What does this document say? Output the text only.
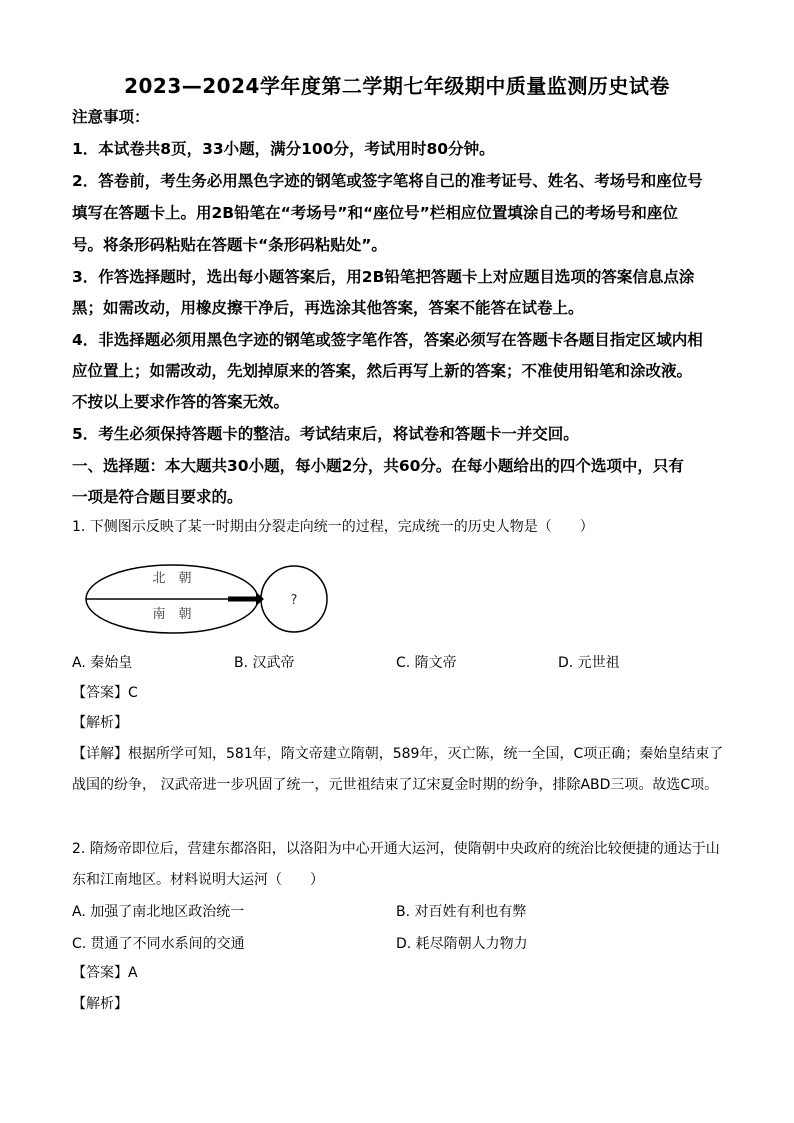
2023—2024学年度第二学期七年级期中质量监测历史试卷
注意事项：
1．本试卷共8页，33小题，满分100分，考试用时80分钟。
2．答卷前，考生务必用黑色字迹的钢笔或签字笔将自己的准考证号、姓名、考场号和座位号
填写在答题卡上。用2B铅笔在“考场号”和“座位号”栏相应位置填涂自己的考场号和座位
号。将条形码粘贴在答题卡“条形码粘贴处”。
3．作答选择题时，选出每小题答案后，用2B铅笔把答题卡上对应题目选项的答案信息点涂
黑；如需改动，用橡皮擦干净后，再选涂其他答案，答案不能答在试卷上。
4．非选择题必须用黑色字迹的钢笔或签字笔作答，答案必须写在答题卡各题目指定区域内相
应位置上；如需改动，先划掉原来的答案，然后再写上新的答案；不准使用铅笔和涂改液。
不按以上要求作答的答案无效。
5．考生必须保持答题卡的整洁。考试结束后，将试卷和答题卡一并交回。
一、选择题：本大题共30小题，每小题2分，共60分。在每小题给出的四个选项中，只有
一项是符合题目要求的。
1. 下侧图示反映了某一时期由分裂走向统一的过程，完成统一的历史人物是（　　）
北　朝
南　朝
?
A. 秦始皇	B. 汉武帝	C. 隋文帝	D. 元世祖
【答案】C
【解析】
【详解】根据所学可知，581年，隋文帝建立隋朝，589年，灭亡陈，统一全国，C项正确；秦始皇结束了
战国的纷争， 汉武帝进一步巩固了统一，元世祖结束了辽宋夏金时期的纷争，排除ABD三项。故选C项。
2. 隋炀帝即位后，营建东都洛阳，以洛阳为中心开通大运河，使隋朝中央政府的统治比较便捷的通达于山
东和江南地区。材料说明大运河（　　）
A. 加强了南北地区政治统一	B. 对百姓有利也有弊
C. 贯通了不同水系间的交通	D. 耗尽隋朝人力物力
【答案】A
【解析】
